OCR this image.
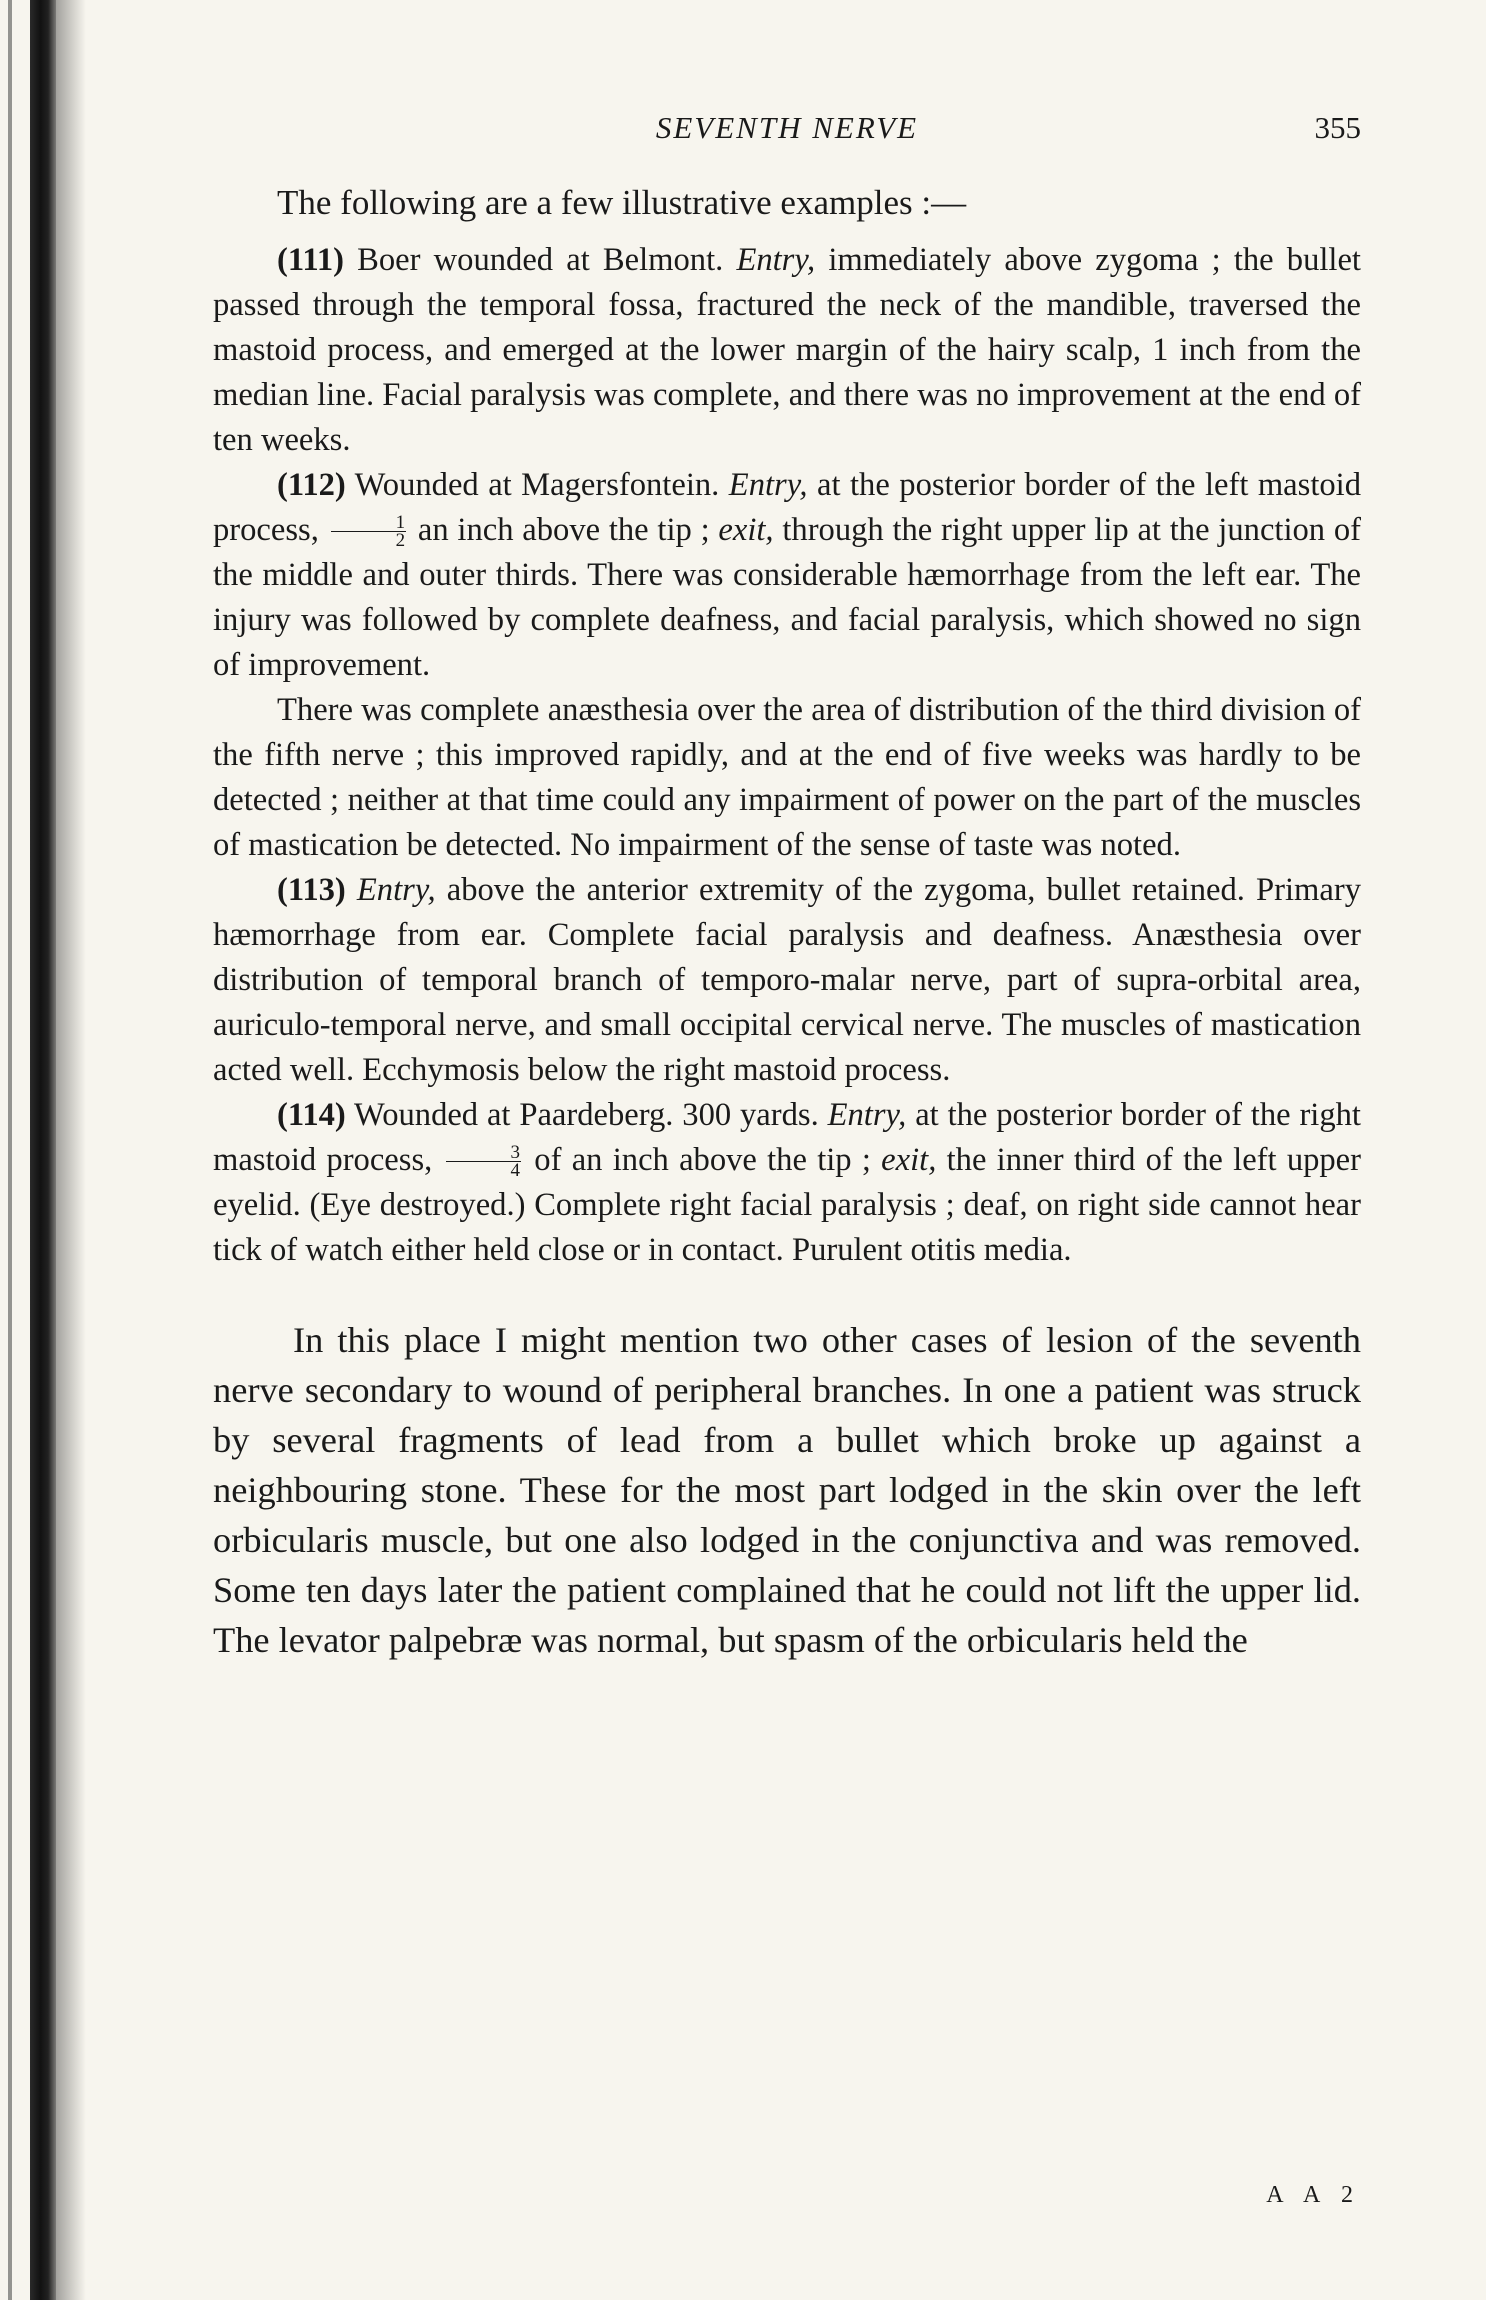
SEVENTH NERVE	355
The following are a few illustrative examples :—

(111) Boer wounded at Belmont. Entry, immediately above zygoma ; the bullet passed through the temporal fossa, fractured the neck of the mandible, traversed the mastoid process, and emerged at the lower margin of the hairy scalp, 1 inch from the median line. Facial paralysis was complete, and there was no improvement at the end of ten weeks.

(112) Wounded at Magersfontein. Entry, at the posterior border of the left mastoid process, $\frac{1}{2}$ an inch above the tip ; exit, through the right upper lip at the junction of the middle and outer thirds. There was considerable hæmorrhage from the left ear. The injury was followed by complete deafness, and facial paralysis, which showed no sign of improvement.

There was complete anæsthesia over the area of distribution of the third division of the fifth nerve ; this improved rapidly, and at the end of five weeks was hardly to be detected ; neither at that time could any impairment of power on the part of the muscles of mastication be detected. No impairment of the sense of taste was noted.

(113) Entry, above the anterior extremity of the zygoma, bullet retained. Primary hæmorrhage from ear. Complete facial paralysis and deafness. Anæsthesia over distribution of temporal branch of temporo-malar nerve, part of supra-orbital area, auriculo-temporal nerve, and small occipital cervical nerve. The muscles of mastication acted well. Ecchymosis below the right mastoid process.

(114) Wounded at Paardeberg. 300 yards. Entry, at the posterior border of the right mastoid process, $\frac{3}{4}$ of an inch above the tip ; exit, the inner third of the left upper eyelid. (Eye destroyed.) Complete right facial paralysis ; deaf, on right side cannot hear tick of watch either held close or in contact. Purulent otitis media.

In this place I might mention two other cases of lesion of the seventh nerve secondary to wound of peripheral branches. In one a patient was struck by several fragments of lead from a bullet which broke up against a neighbouring stone. These for the most part lodged in the skin over the left orbicularis muscle, but one also lodged in the conjunctiva and was removed. Some ten days later the patient complained that he could not lift the upper lid. The levator palpebræ was normal, but spasm of the orbicularis held the

A A 2
